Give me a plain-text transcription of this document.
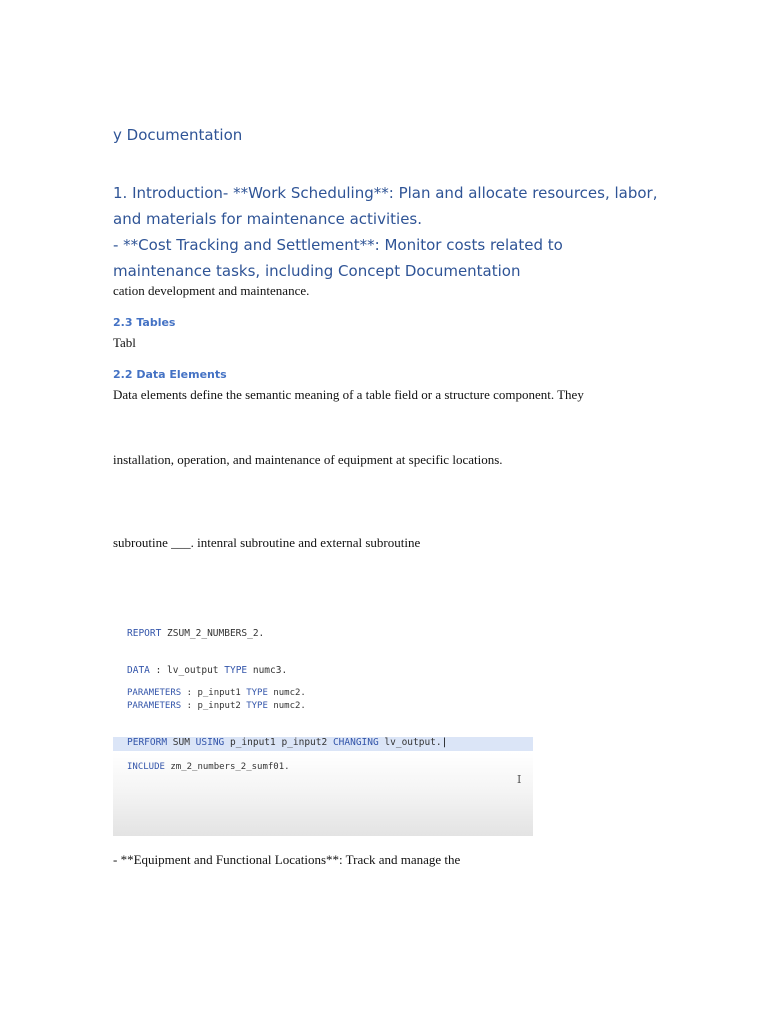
y Documentation
1. Introduction- **Work Scheduling**: Plan and allocate resources, labor,
and materials for maintenance activities.
- **Cost Tracking and Settlement**: Monitor costs related to
maintenance tasks, including Concept Documentation

cation development and maintenance.

2.3 Tables

Tabl

2.2 Data Elements

Data elements define the semantic meaning of a table field or a structure component. They

installation, operation, and maintenance of equipment at specific locations.

subroutine ___. intenral subroutine and external subroutine

REPORT ZSUM_2_NUMBERS_2.
DATA : lv_output TYPE numc3.
PARAMETERS : p_input1 TYPE numc2.
PARAMETERS : p_input2 TYPE numc2.
PERFORM SUM USING p_input1 p_input2 CHANGING lv_output.|
INCLUDE zm_2_numbers_2_sumf01.
I

- **Equipment and Functional Locations**: Track and manage the
